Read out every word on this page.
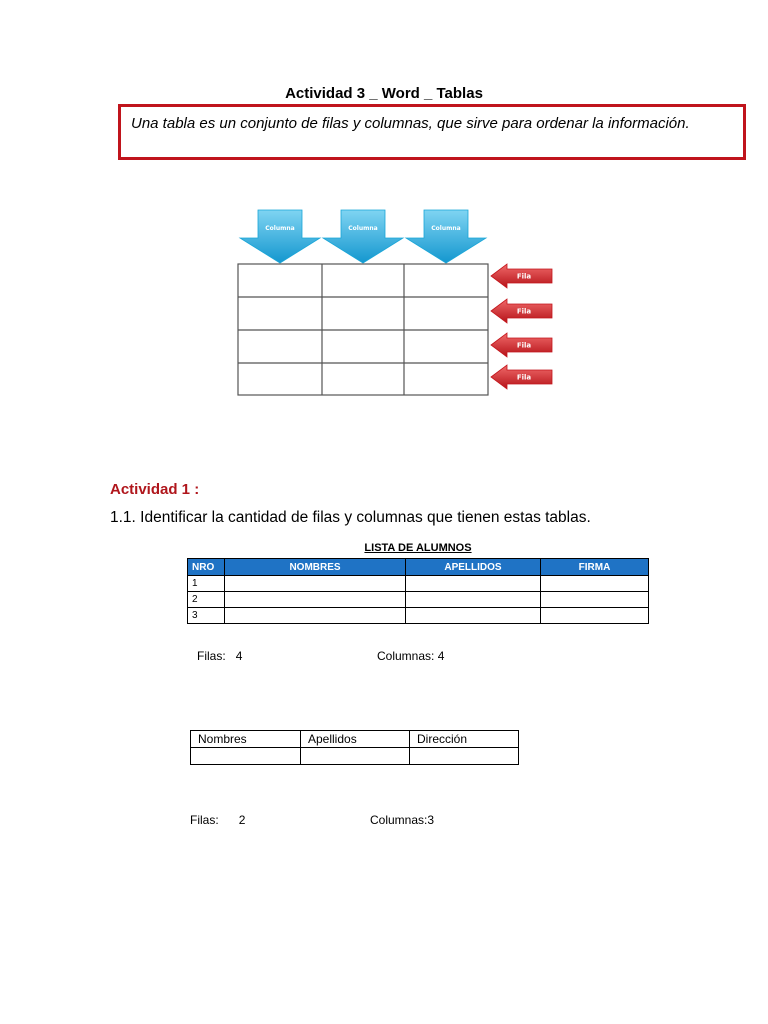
Actividad 3 _ Word _ Tablas
Una tabla es un conjunto de filas y columnas, que sirve para ordenar la información.
Columna	Columna	Columna
Fila
Fila
Fila
Fila
Actividad 1 :
1.1. Identificar la cantidad de filas y columnas que tienen estas tablas.
LISTA DE ALUMNOS
NRO	NOMBRES	APELLIDOS	FIRMA
1			
2			
3			
Filas: 4	Columnas: 4
Nombres	Apellidos	Dirección

Filas: 2	Columnas:3
